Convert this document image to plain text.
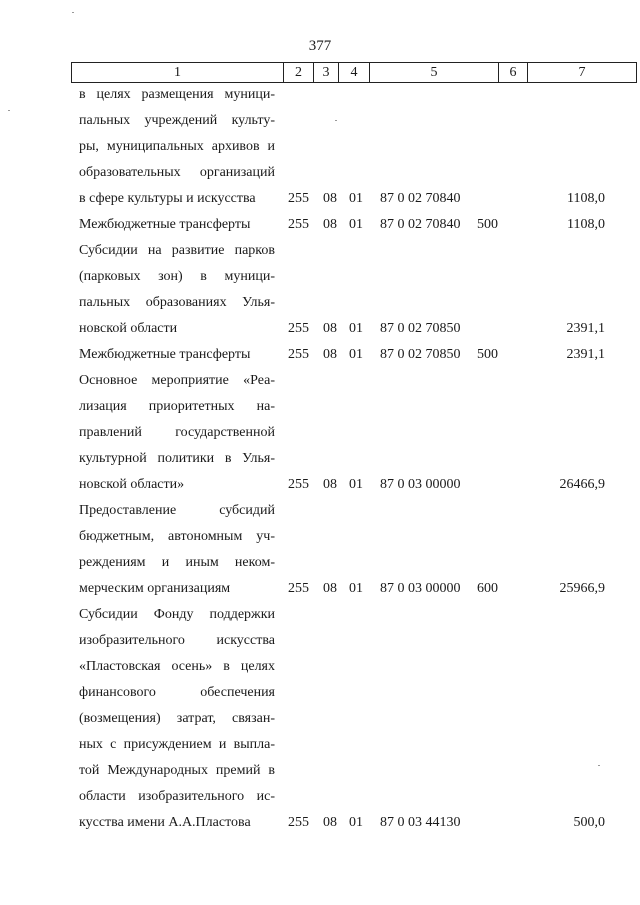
377
1	2	3	4	5	6	7
в целях размещения муници-
пальных учреждений культу-
ры, муниципальных архивов и
образовательных организаций
в сфере культуры и искусства	255 08 01 87 0 02 70840	1108,0
Межбюджетные трансферты	255 08 01 87 0 02 70840 500	1108,0
Субсидии на развитие парков
(парковых зон) в муници-
пальных образованиях Улья-
новской области	255 08 01 87 0 02 70850	2391,1
Межбюджетные трансферты	255 08 01 87 0 02 70850 500	2391,1
Основное мероприятие «Реа-
лизация приоритетных на-
правлений государственной
культурной политики в Улья-
новской области»	255 08 01 87 0 03 00000	26466,9
Предоставление субсидий
бюджетным, автономным уч-
реждениям и иным неком-
мерческим организациям	255 08 01 87 0 03 00000 600	25966,9
Субсидии Фонду поддержки
изобразительного искусства
«Пластовская осень» в целях
финансового обеспечения
(возмещения) затрат, связан-
ных с присуждением и выпла-
той Международных премий в
области изобразительного ис-
кусства имени А.А.Пластова	255 08 01 87 0 03 44130	500,0
